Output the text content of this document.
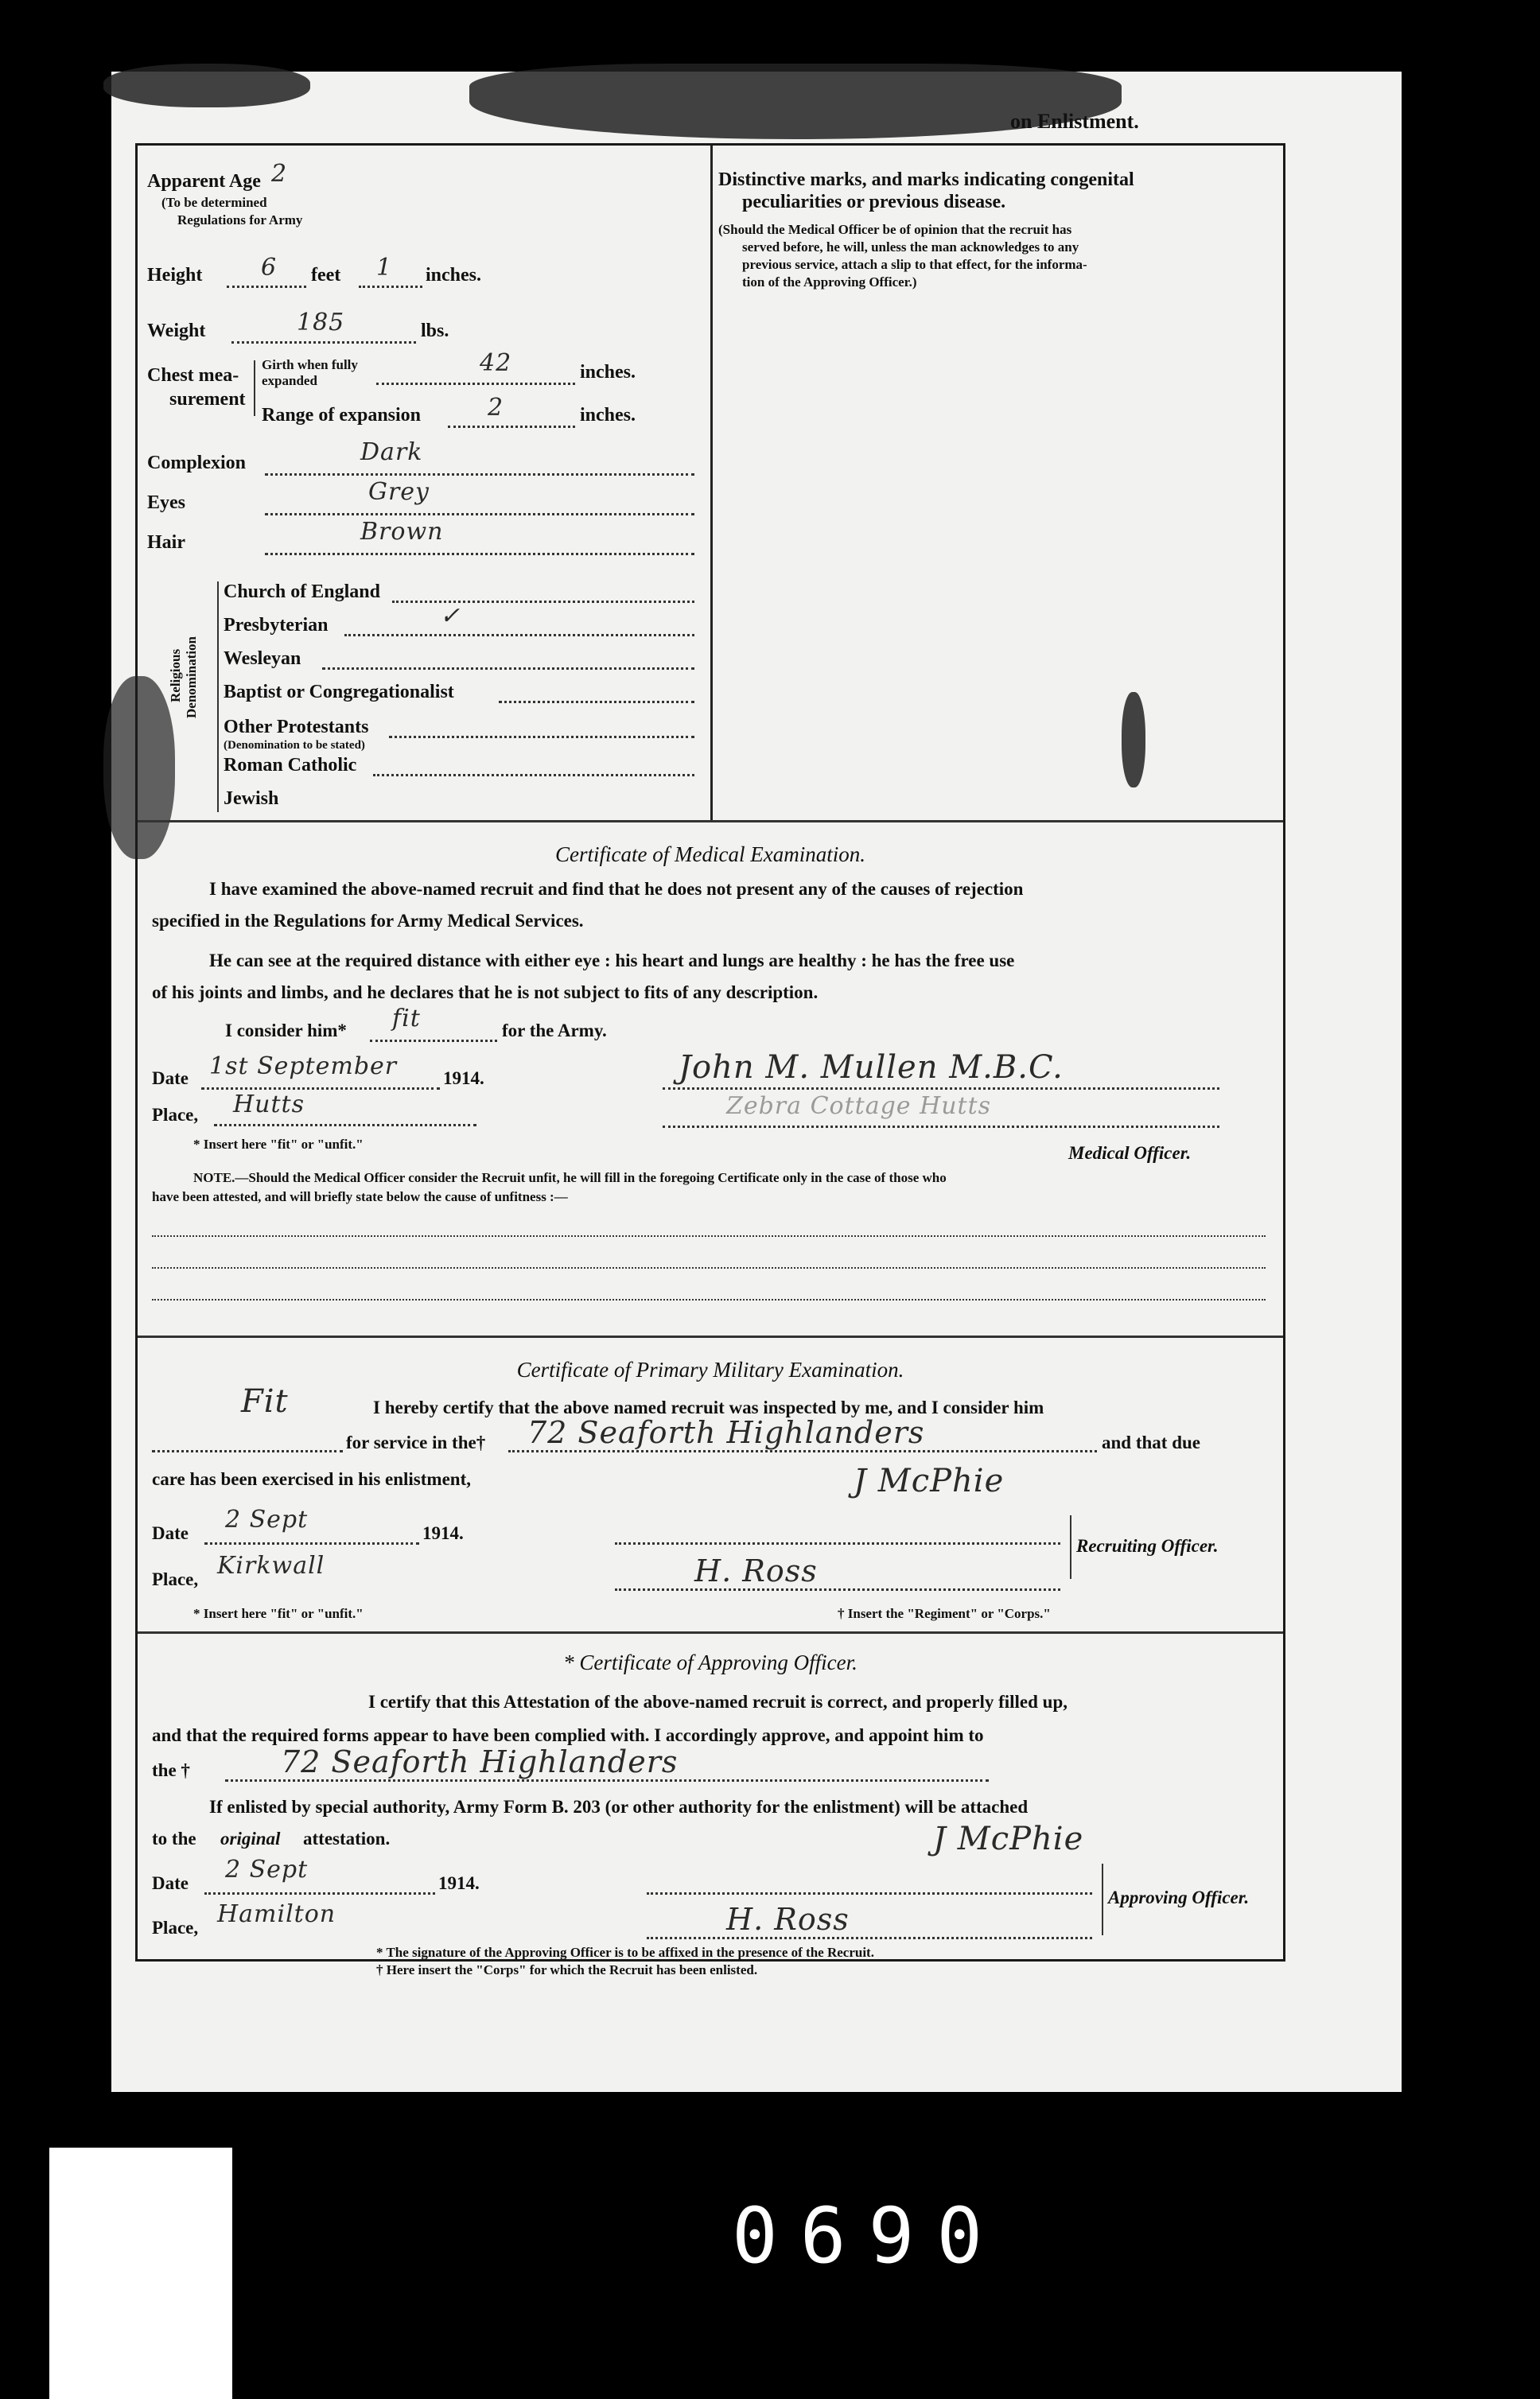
on Enlistment.
Apparent Age 2
(To be determined
Regulations for Army
Height 6 feet 1 inches.
Weight	185	lbs.
Chest mea-
surement
Girth when fully
expanded
42	inches.
Range of expansion	2	inches.
Complexion	Dark
Eyes	Grey
Hair	Brown
Religious Denomination
Church of England
Presbyterian	✓
Wesleyan
Baptist or Congregationalist
Other Protestants
(Denomination to be stated)
Roman Catholic
Jewish
Distinctive marks, and marks indicating congenital
peculiarities or previous disease.
(Should the Medical Officer be of opinion that the recruit has
served before, he will, unless the man acknowledges to any
previous service, attach a slip to that effect, for the informa-
tion of the Approving Officer.)
Certificate of Medical Examination.
I have examined the above-named recruit and find that he does not present any of the causes of rejection
specified in the Regulations for Army Medical Services.
He can see at the required distance with either eye : his heart and lungs are healthy : he has the free use
of his joints and limbs, and he declares that he is not subject to fits of any description.
I consider him* fit	for the Army.
Date 1st September	1914.	John M. Mullen M.B.C.
Place, Hutts	Zebra Cottage Hutts
* Insert here "fit" or "unfit."	Medical Officer.
NOTE.—Should the Medical Officer consider the Recruit unfit, he will fill in the foregoing Certificate only in the case of those who
have been attested, and will briefly state below the cause of unfitness :—
Certificate of Primary Military Examination.
Fit	I hereby certify that the above named recruit was inspected by me, and I consider him
for service in the† 72 Seaforth Highlanders	and that due
care has been exercised in his enlistment,	J McPhie
Date 2 Sept	1914.
Recruiting Officer.
Place, Kirkwall	H. Ross
* Insert here "fit" or "unfit."	† Insert the "Regiment" or "Corps."
* Certificate of Approving Officer.
I certify that this Attestation of the above-named recruit is correct, and properly filled up,
and that the required forms appear to have been complied with. I accordingly approve, and appoint him to
the †	72 Seaforth Highlanders
If enlisted by special authority, Army Form B. 203 (or other authority for the enlistment) will be attached
to the original attestation.	J McPhie
Date 2 Sept	1914.
Approving Officer.
Place, Hamilton	H. Ross
* The signature of the Approving Officer is to be affixed in the presence of the Recruit.
† Here insert the "Corps" for which the Recruit has been enlisted.
0690
